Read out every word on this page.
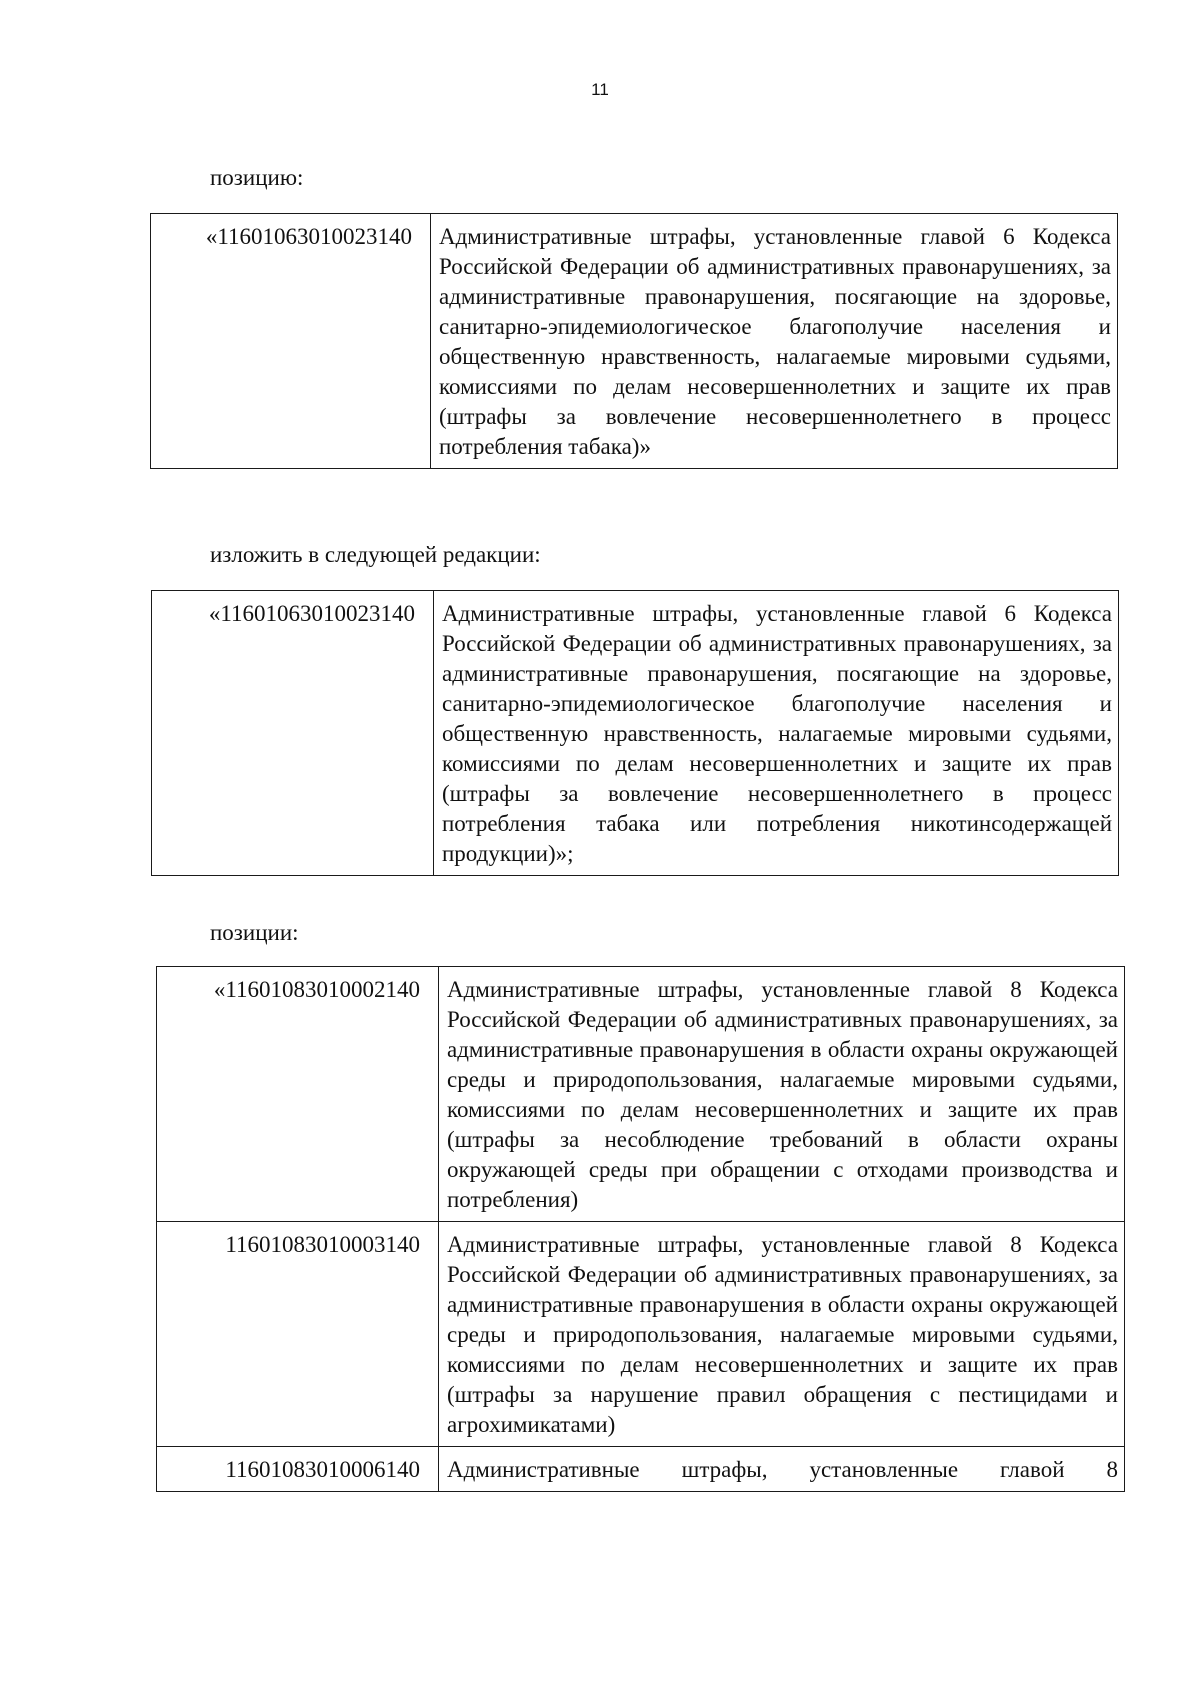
11
позицию:
«11601063010023140	Административные штрафы, установленные главой 6 Кодекса Российской Федерации об административных правонарушениях, за административные правонарушения, посягающие на здоровье, санитарно-эпидемиологическое благополучие населения и общественную нравственность, налагаемые мировыми судьями, комиссиями по делам несовершеннолетних и защите их прав (штрафы за вовлечение несовершеннолетнего в процесс потребления табака)»
изложить в следующей редакции:
«11601063010023140	Административные штрафы, установленные главой 6 Кодекса Российской Федерации об административных правонарушениях, за административные правонарушения, посягающие на здоровье, санитарно-эпидемиологическое благополучие населения и общественную нравственность, налагаемые мировыми судьями, комиссиями по делам несовершеннолетних и защите их прав (штрафы за вовлечение несовершеннолетнего в процесс потребления табака или потребления никотинсодержащей продукции)»;
позиции:
«11601083010002140	Административные штрафы, установленные главой 8 Кодекса Российской Федерации об административных правонарушениях, за административные правонарушения в области охраны окружающей среды и природопользования, налагаемые мировыми судьями, комиссиями по делам несовершеннолетних и защите их прав (штрафы за несоблюдение требований в области охраны окружающей среды при обращении с отходами производства и потребления)
11601083010003140	Административные штрафы, установленные главой 8 Кодекса Российской Федерации об административных правонарушениях, за административные правонарушения в области охраны окружающей среды и природопользования, налагаемые мировыми судьями, комиссиями по делам несовершеннолетних и защите их прав (штрафы за нарушение правил обращения с пестицидами и агрохимикатами)
11601083010006140	Административные штрафы, установленные главой 8
